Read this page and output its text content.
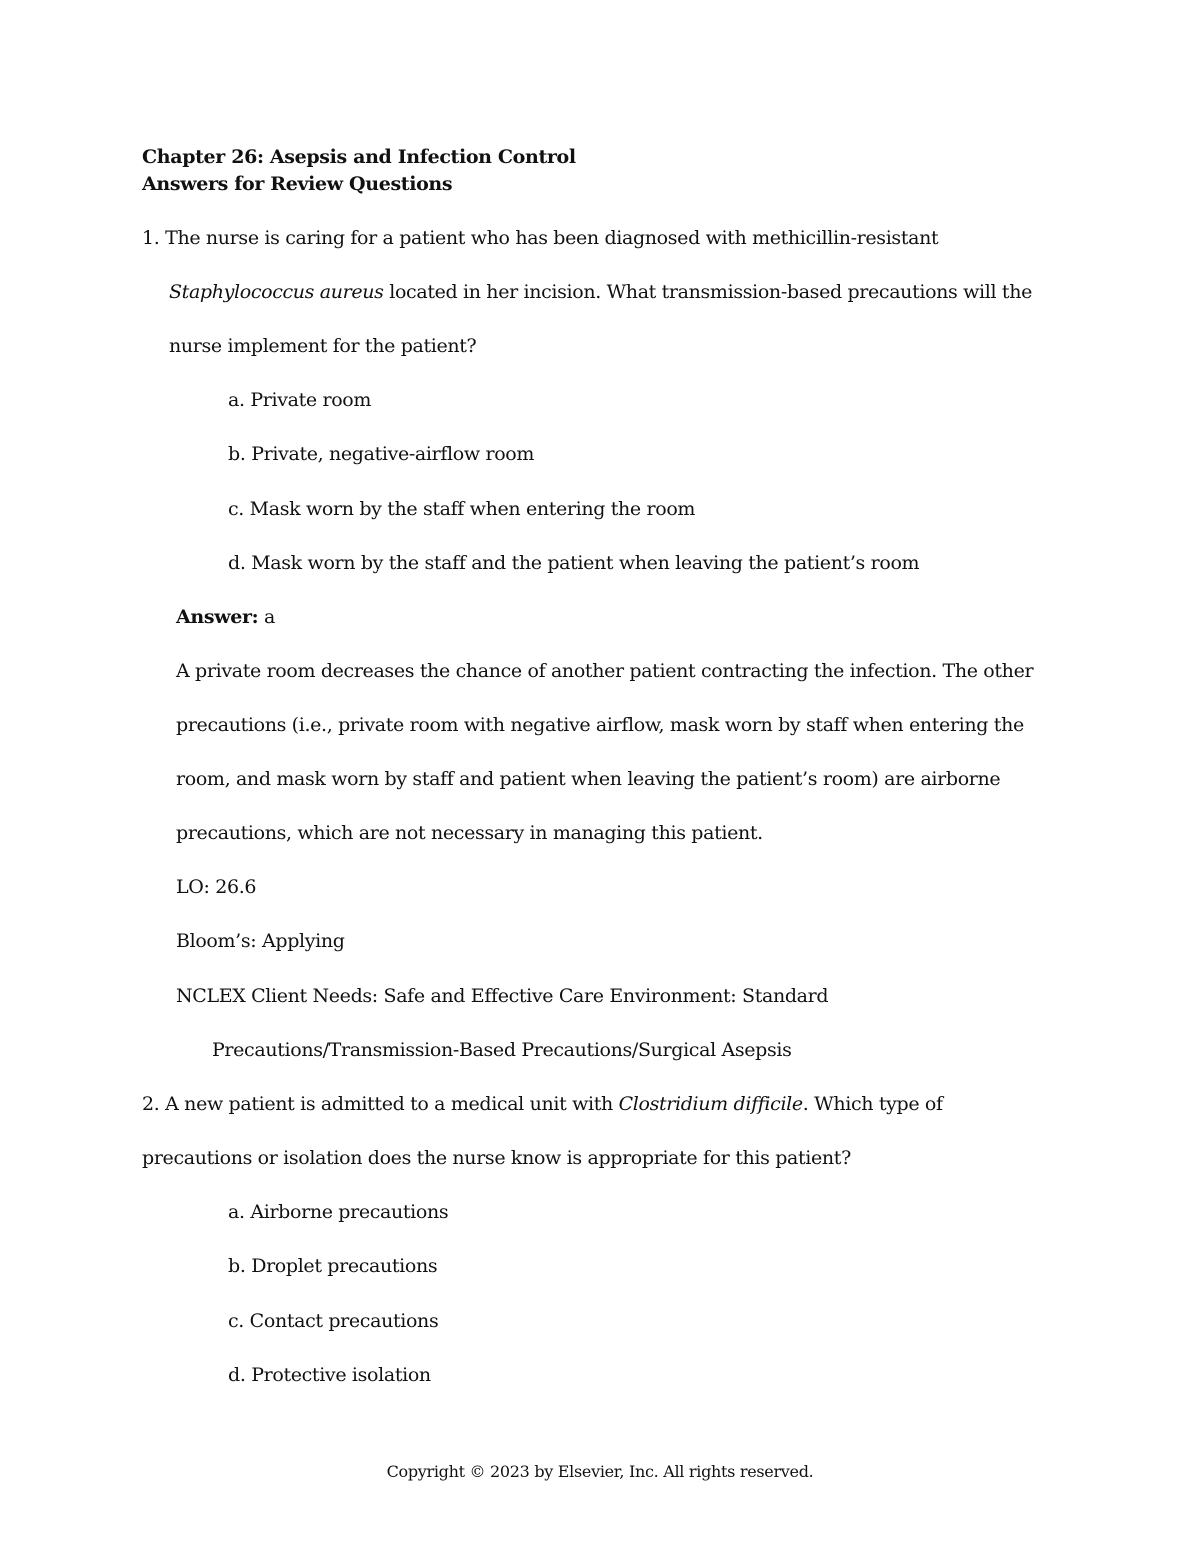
Chapter 26: Asepsis and Infection Control
Answers for Review Questions
1. The nurse is caring for a patient who has been diagnosed with methicillin-resistant
Staphylococcus aureus located in her incision. What transmission-based precautions will the
nurse implement for the patient?
a. Private room
b. Private, negative-airflow room
c. Mask worn by the staff when entering the room
d. Mask worn by the staff and the patient when leaving the patient’s room
Answer: a
A private room decreases the chance of another patient contracting the infection. The other
precautions (i.e., private room with negative airflow, mask worn by staff when entering the
room, and mask worn by staff and patient when leaving the patient’s room) are airborne
precautions, which are not necessary in managing this patient.
LO: 26.6
Bloom’s: Applying
NCLEX Client Needs: Safe and Effective Care Environment: Standard
Precautions/Transmission-Based Precautions/Surgical Asepsis
2. A new patient is admitted to a medical unit with Clostridium difficile. Which type of
precautions or isolation does the nurse know is appropriate for this patient?
a. Airborne precautions
b. Droplet precautions
c. Contact precautions
d. Protective isolation
Copyright © 2023 by Elsevier, Inc. All rights reserved.
